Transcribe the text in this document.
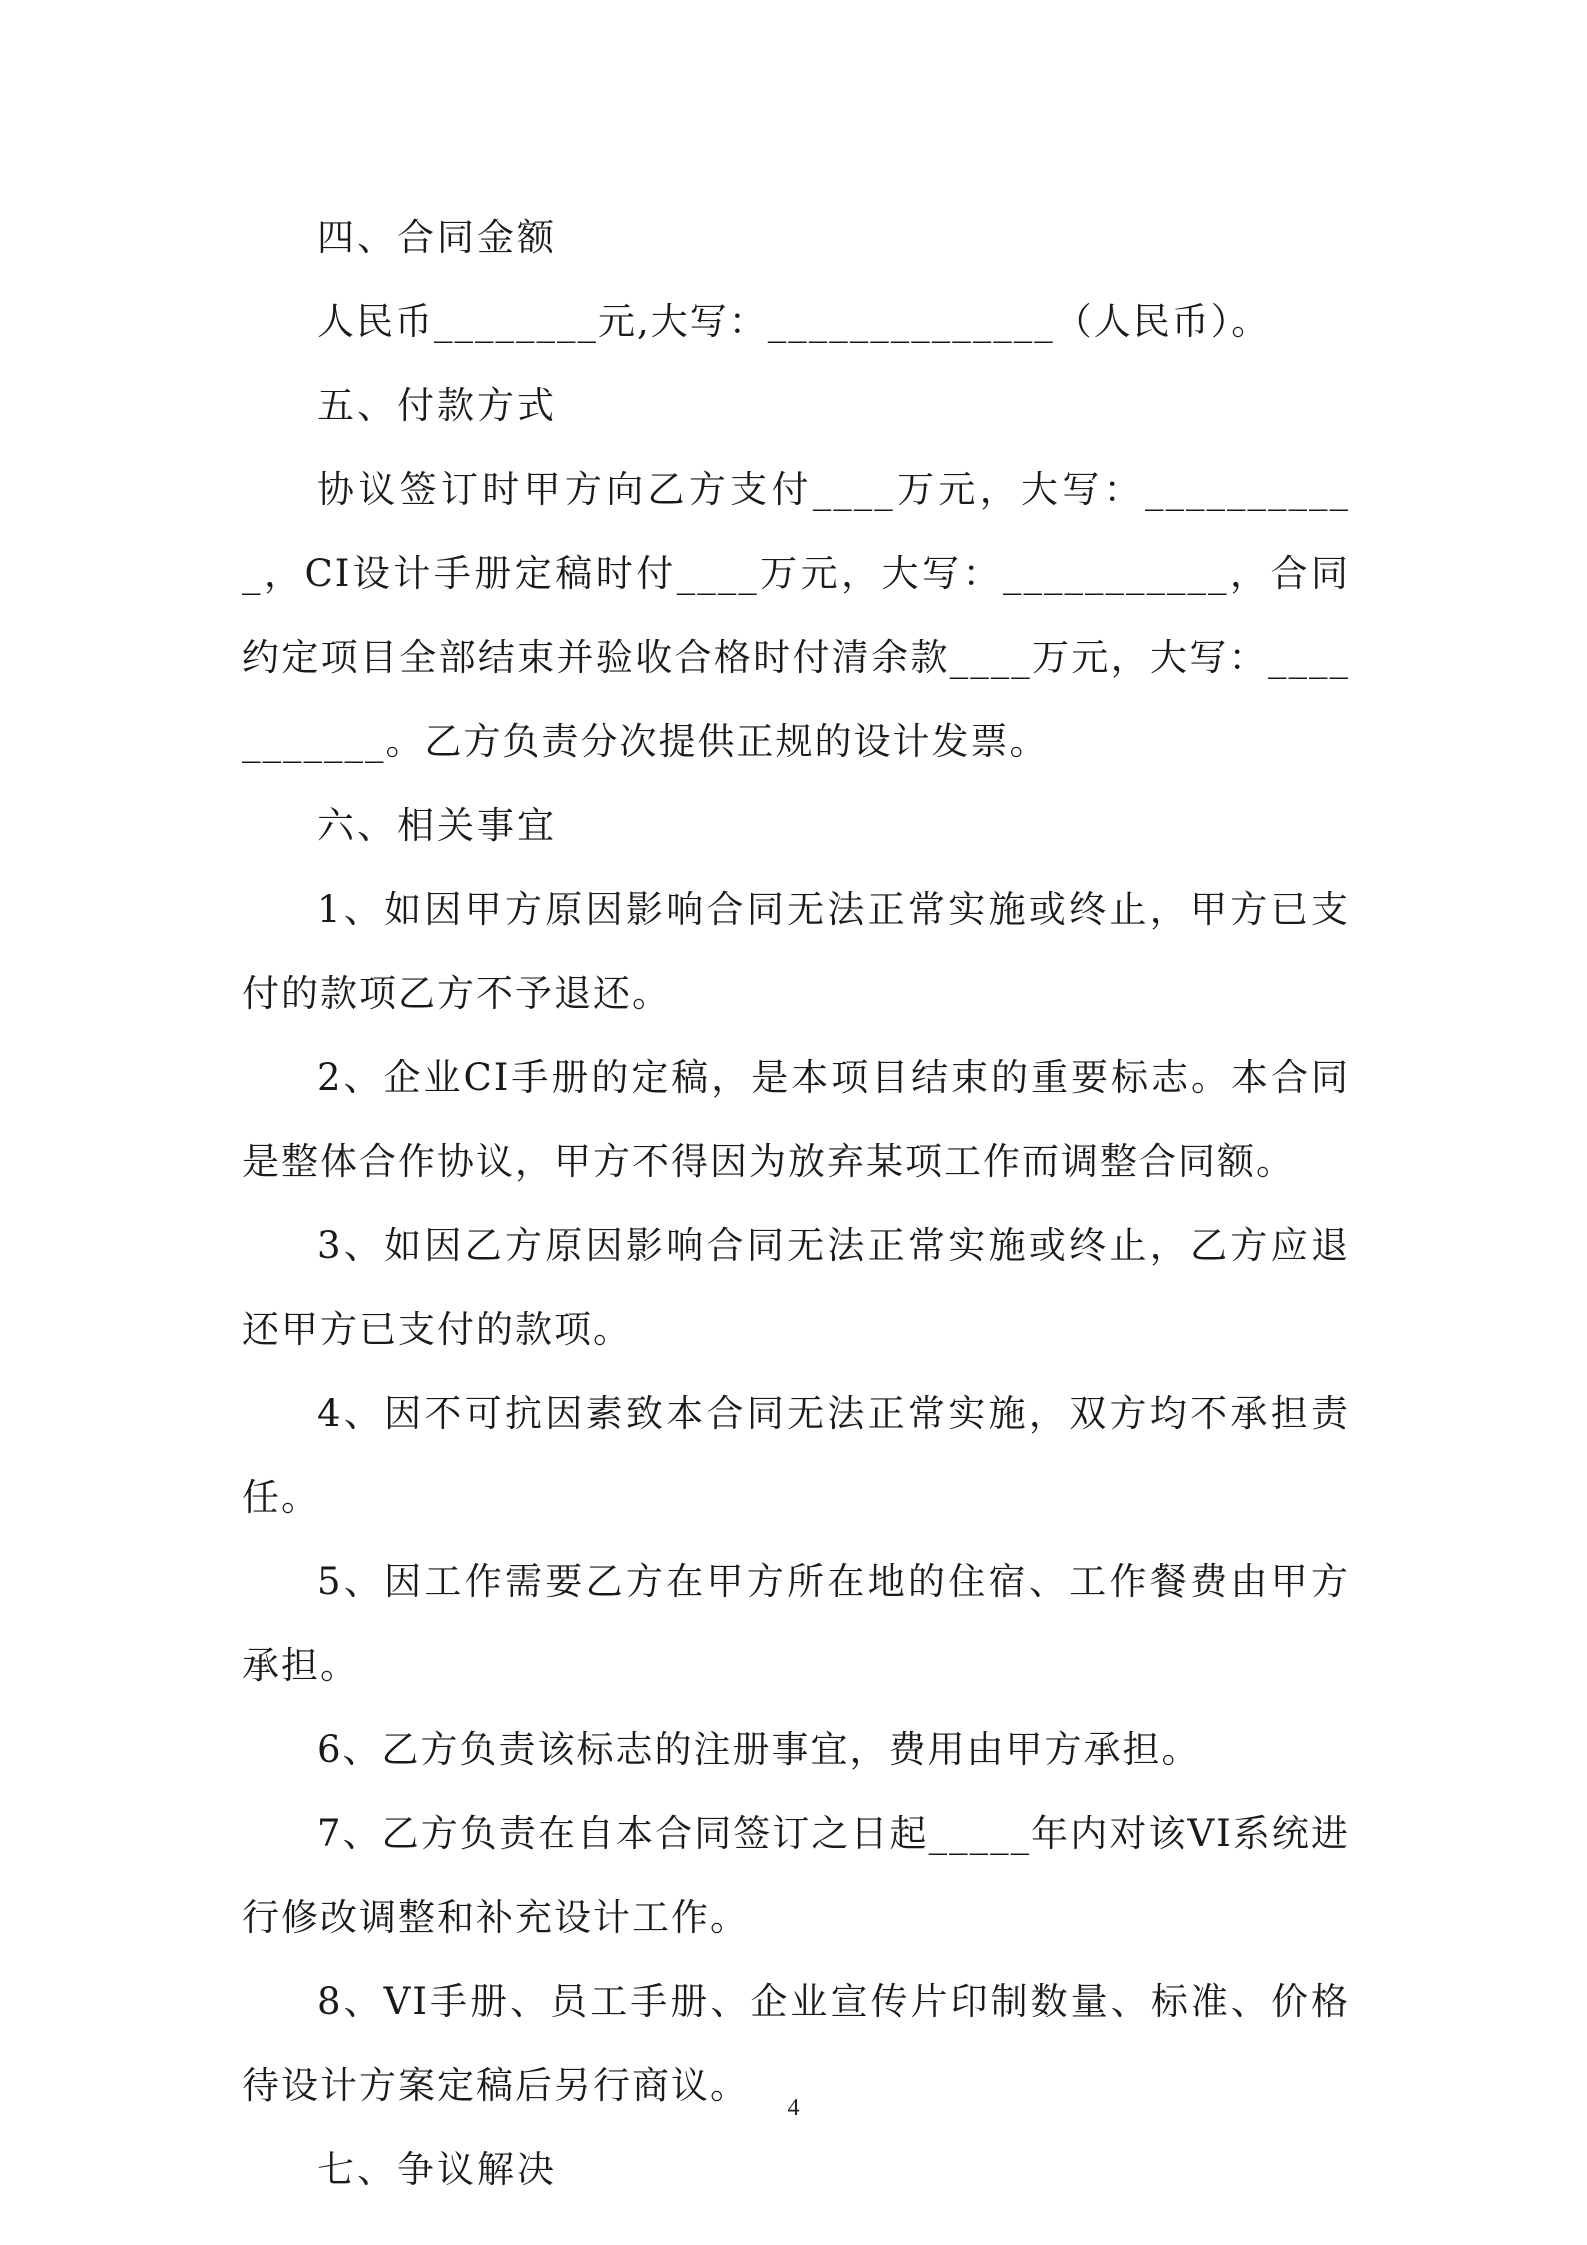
四、合同金额

人民币________元,大写：______________（人民币）。

五、付款方式

协议签订时甲方向乙方支付____万元，大写：___________，CI设计手册定稿时付____万元，大写：___________，合同约定项目全部结束并验收合格时付清余款____万元，大写：___________。乙方负责分次提供正规的设计发票。

六、相关事宜

1、如因甲方原因影响合同无法正常实施或终止，甲方已支付的款项乙方不予退还。

2、企业CI手册的定稿，是本项目结束的重要标志。本合同是整体合作协议，甲方不得因为放弃某项工作而调整合同额。

3、如因乙方原因影响合同无法正常实施或终止，乙方应退还甲方已支付的款项。

4、因不可抗因素致本合同无法正常实施，双方均不承担责任。

5、因工作需要乙方在甲方所在地的住宿、工作餐费由甲方承担。

6、乙方负责该标志的注册事宜，费用由甲方承担。

7、乙方负责在自本合同签订之日起_____年内对该VI系统进行修改调整和补充设计工作。

8、VI手册、员工手册、企业宣传片印制数量、标准、价格待设计方案定稿后另行商议。

七、争议解决

4
